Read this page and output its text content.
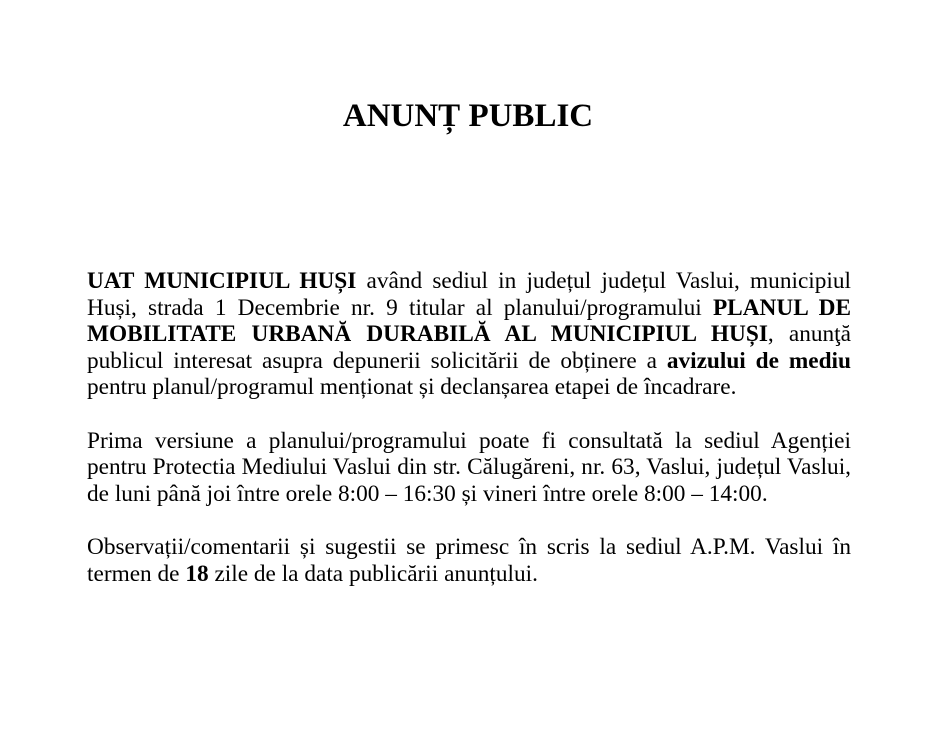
ANUNȚ PUBLIC

UAT MUNICIPIUL HUȘI având sediul in județul județul Vaslui, municipiul Huși, strada 1 Decembrie nr. 9 titular al planului/programului PLANUL DE MOBILITATE URBANĂ DURABILĂ AL MUNICIPIUL HUȘI, anunţă publicul interesat asupra depunerii solicitării de obținere a avizului de mediu pentru planul/programul menționat și declanșarea etapei de încadrare.

Prima versiune a planului/programului poate fi consultată la sediul Agenției pentru Protectia Mediului Vaslui din str. Călugăreni, nr. 63, Vaslui, județul Vaslui, de luni până joi între orele 8:00 – 16:30 și vineri între orele 8:00 – 14:00.

Observații/comentarii și sugestii se primesc în scris la sediul A.P.M. Vaslui în termen de 18 zile de la data publicării anunțului.
